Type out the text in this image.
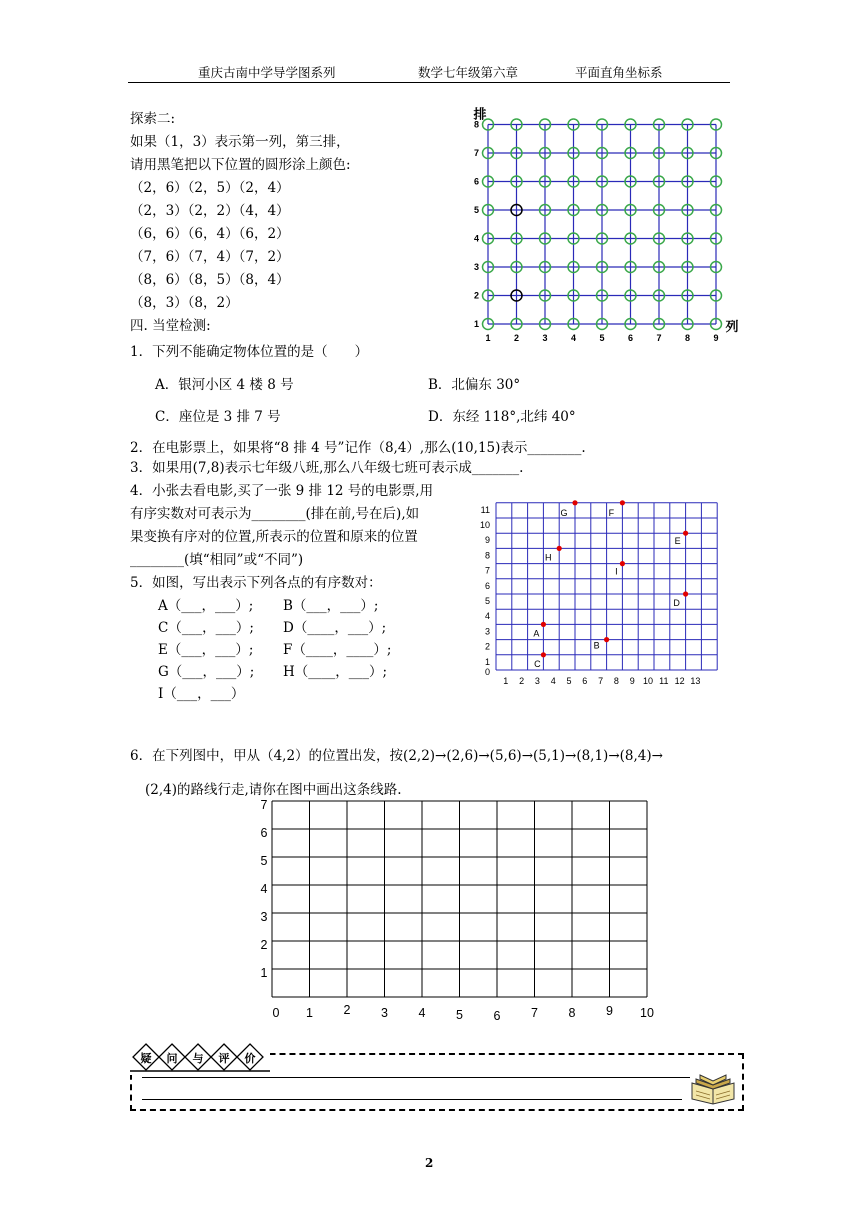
重庆古南中学导学图系列	数学七年级第六章	平面直角坐标系
探索二:
如果（1，3）表示第一列，第三排，
请用黑笔把以下位置的圆形涂上颜色:
（2，6）（2，5）（2，4）
（2，3）（2，2）（4，4）
（6，6）（6，4）（6，2）
（7，6）（7，4）（7，2）
（8，6）（8，5）（8，4）
（8，3）（8，2）
1	2	3	4	5	6	7	8	9
1
2
3
4
5
6
7
8
排
列
四. 当堂检测:
1．下列不能确定物体位置的是（　　）
A．银河小区 4 楼 8 号	B．北偏东 30°
C．座位是 3 排 7 号	D．东经 118°,北纬 40°
2．在电影票上，如果将“8 排 4 号”记作（8,4）,那么(10,15)表示________.
3．如果用(7,8)表示七年级八班,那么八年级七班可表示成_______.
4．小张去看电影,买了一张 9 排 12 号的电影票,用
有序实数对可表示为________(排在前,号在后),如
果变换有序对的位置,所表示的位置和原来的位置
________(填“相同”或“不同”)
5．如图，写出表示下列各点的有序数对：
A（___，___）; B（___，___）;
C（___，___）; D（____，___）;
E（___，___）; F（____，____）;
G（___，___）; H（____，___）;
I（___，___）
1 2 3 4 5 6 7 8 9 10 11 12 13
0
1
2
3
4
5
6
7
8
9
10
11
A
B
C
D
E
F
G
H
I
6．在下列图中，甲从（4,2）的位置出发，按(2,2)→(2,6)→(5,6)→(5,1)→(8,1)→(8,4)→
(2,4)的路线行走,请你在图中画出这条线路.
0 1 2 3 4 5 6 7 8 9 10
1
2
3
4
5
6
7
疑 问 与 评 价
2
